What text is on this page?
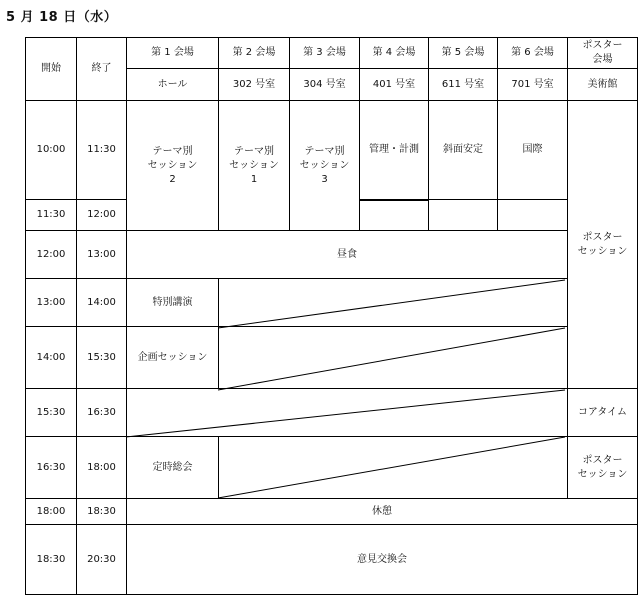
5 月 18 日（水）
開始	終了	第 1 会場	第 2 会場	第 3 会場	第 4 会場	第 5 会場	第 6 会場	ポスター
会場
		ホール	302 号室	304 号室	401 号室	611 号室	701 号室	美術館
10:00	11:30	テーマ別
セッション
2	テーマ別
セッション
1	テーマ別
セッション
3	管理・計測	斜面安定	国際	
11:30	12:00							
12:00	13:00	昼食						ポスター
セッション
13:00	14:00	特別講演						
14:00	15:30	企画セッション						
15:30	16:30							コアタイム
16:30	18:00	定時総会						ポスター
セッション
18:00	18:30	休憩						
18:30	20:30	意見交換会						
